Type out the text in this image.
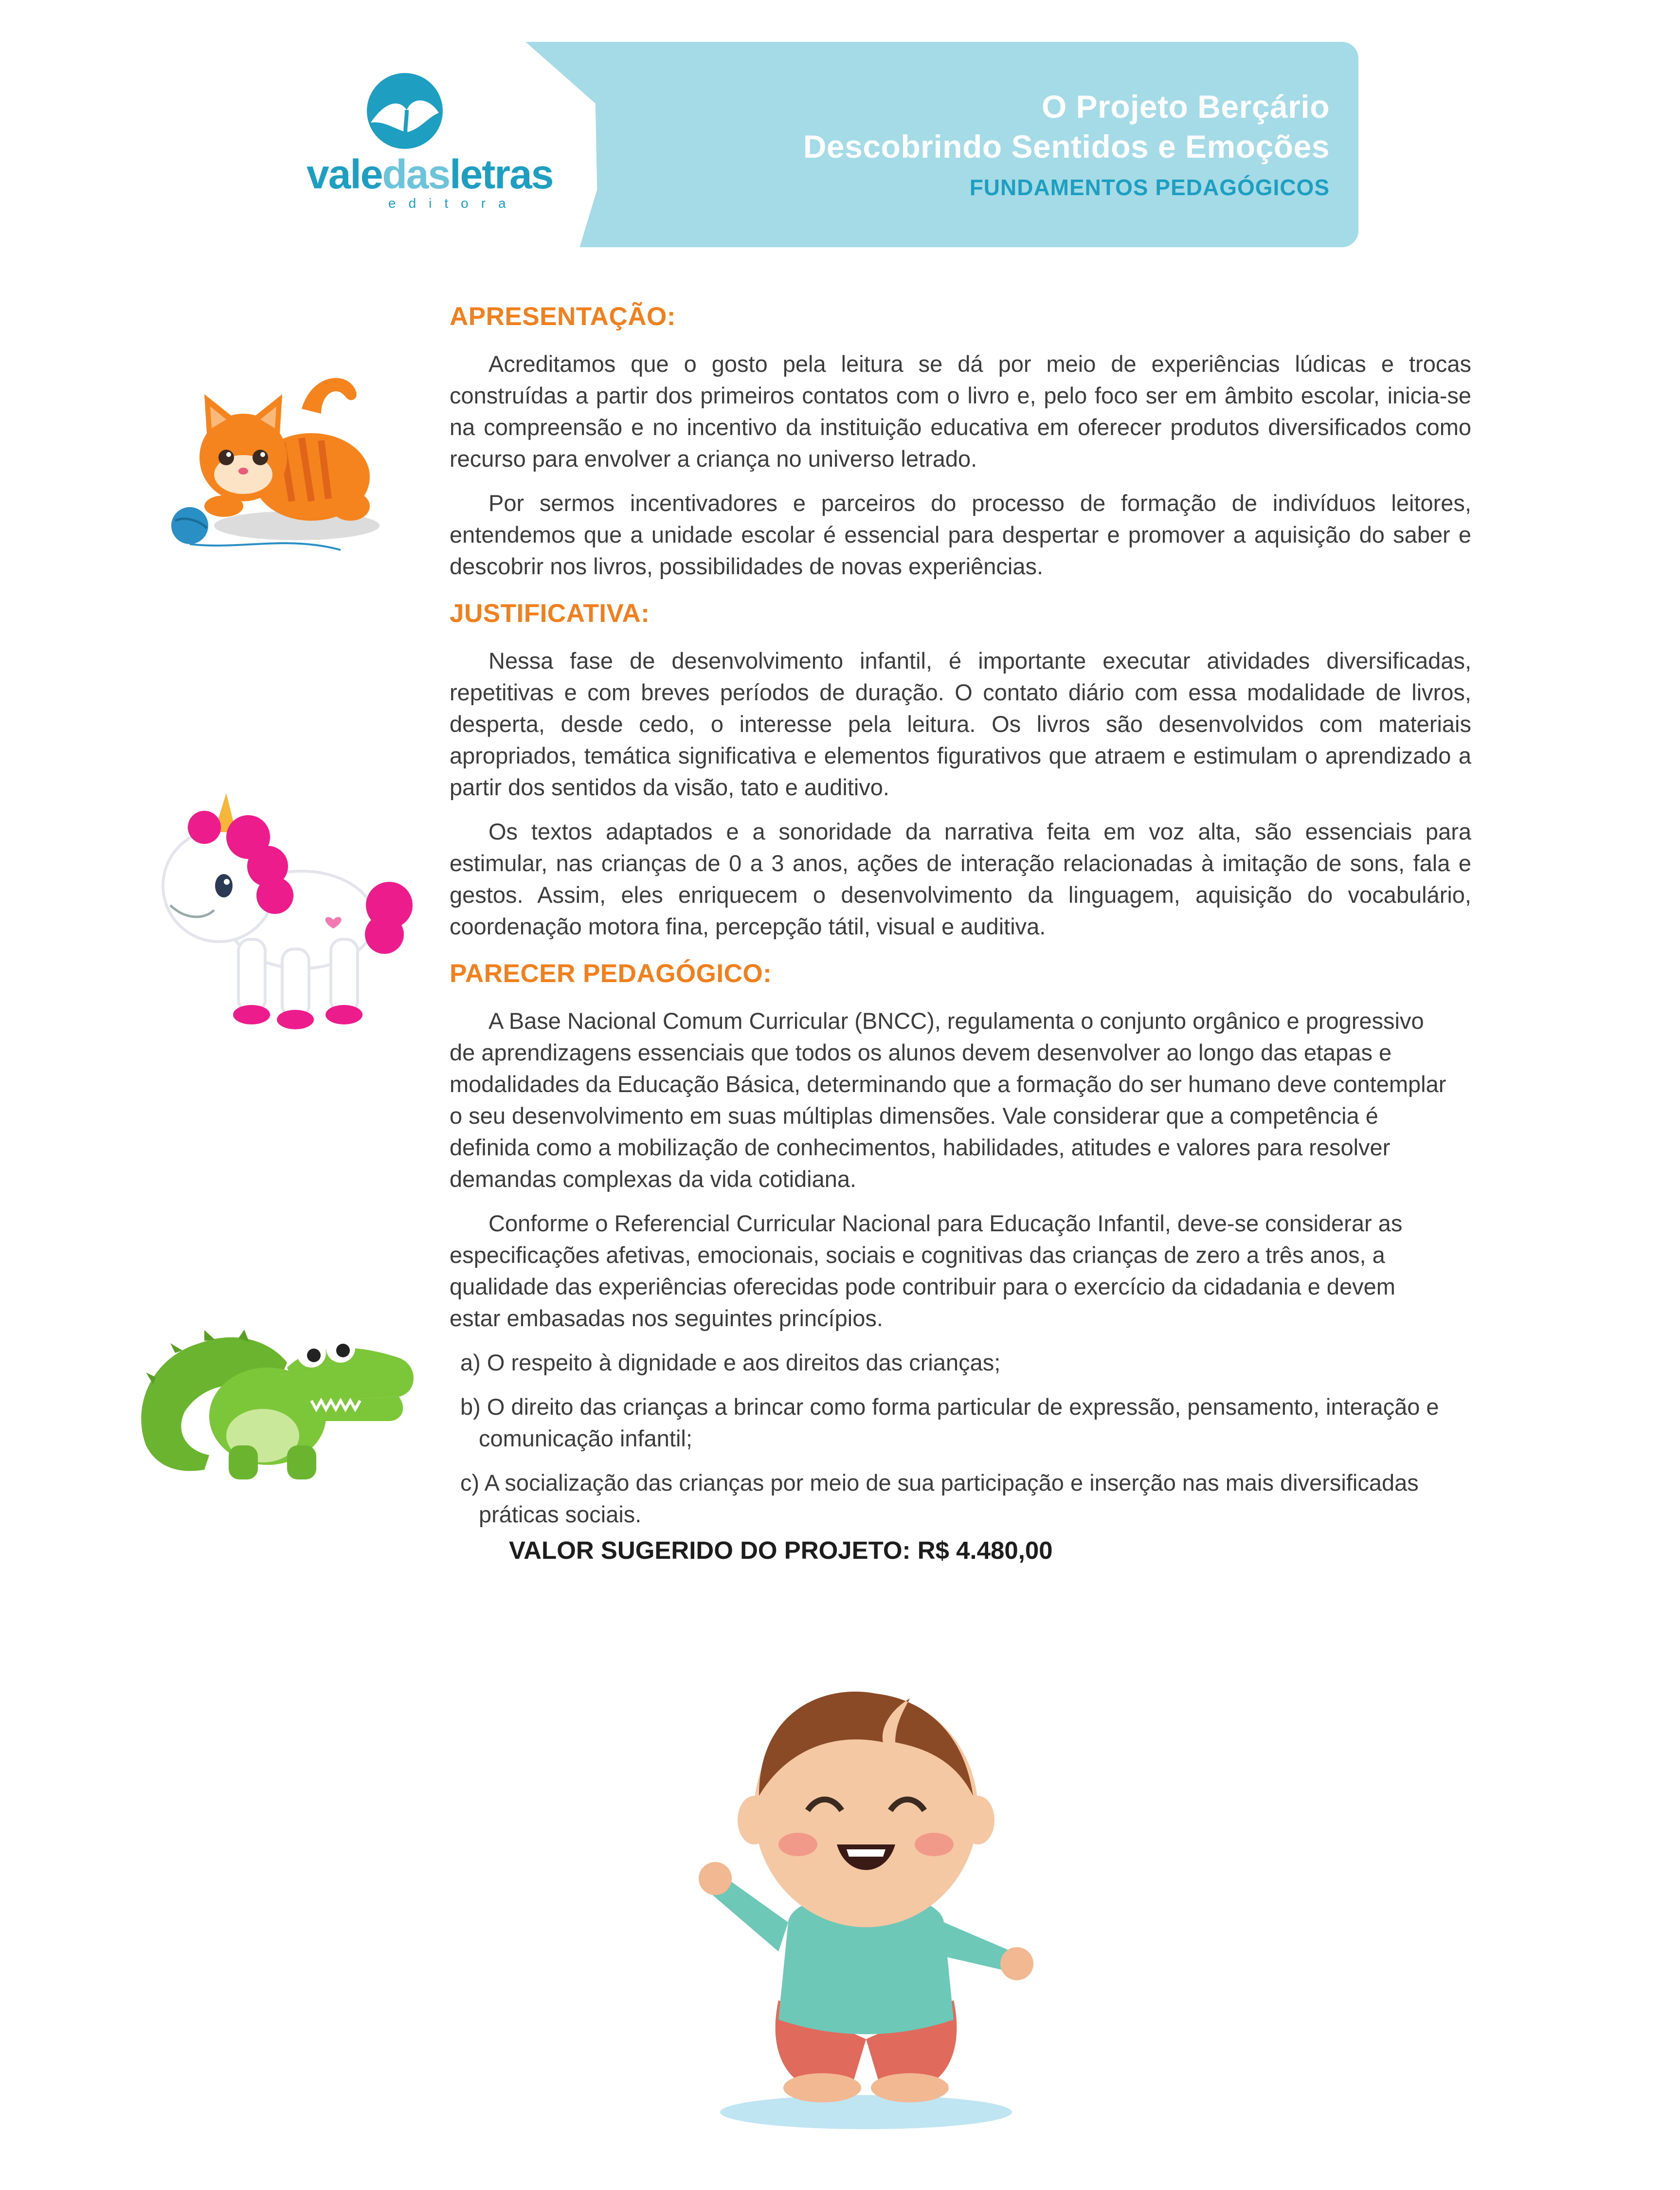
O Projeto Berçário
Descobrindo Sentidos e Emoções
FUNDAMENTOS PEDAGÓGICOS
valedasletras
editora
APRESENTAÇÃO:

Acreditamos que o gosto pela leitura se dá por meio de experiências lúdicas e trocas construídas a partir dos primeiros contatos com o livro e, pelo foco ser em âmbito escolar, inicia-se na compreensão e no incentivo da instituição educativa em oferecer produtos diversificados como recurso para envolver a criança no universo letrado.

Por sermos incentivadores e parceiros do processo de formação de indivíduos leitores, entendemos que a unidade escolar é essencial para despertar e promover a aquisição do saber e descobrir nos livros, possibilidades de novas experiências.

JUSTIFICATIVA:

Nessa fase de desenvolvimento infantil, é importante executar atividades diversificadas, repetitivas e com breves períodos de duração. O contato diário com essa modalidade de livros, desperta, desde cedo, o interesse pela leitura. Os livros são desenvolvidos com materiais apropriados, temática significativa e elementos figurativos que atraem e estimulam o aprendizado a partir dos sentidos da visão, tato e auditivo.

Os textos adaptados e a sonoridade da narrativa feita em voz alta, são essenciais para estimular, nas crianças de 0 a 3 anos, ações de interação relacionadas à imitação de sons, fala e gestos. Assim, eles enriquecem o desenvolvimento da linguagem, aquisição do vocabulário, coordenação motora fina, percepção tátil, visual e auditiva.

PARECER PEDAGÓGICO:

A Base Nacional Comum Curricular (BNCC), regulamenta o conjunto orgânico e progressivo de aprendizagens essenciais que todos os alunos devem desenvolver ao longo das etapas e modalidades da Educação Básica, determinando que a formação do ser humano deve contemplar o seu desenvolvimento em suas múltiplas dimensões. Vale considerar que a competência é definida como a mobilização de conhecimentos, habilidades, atitudes e valores para resolver demandas complexas da vida cotidiana.

Conforme o Referencial Curricular Nacional para Educação Infantil, deve-se considerar as especificações afetivas, emocionais, sociais e cognitivas das crianças de zero a três anos, a qualidade das experiências oferecidas pode contribuir para o exercício da cidadania e devem estar embasadas nos seguintes princípios.

a) O respeito à dignidade e aos direitos das crianças;
b) O direito das crianças a brincar como forma particular de expressão, pensamento, interação e comunicação infantil;
c) A socialização das crianças por meio de sua participação e inserção nas mais diversificadas práticas sociais.
VALOR SUGERIDO DO PROJETO: R$ 4.480,00
